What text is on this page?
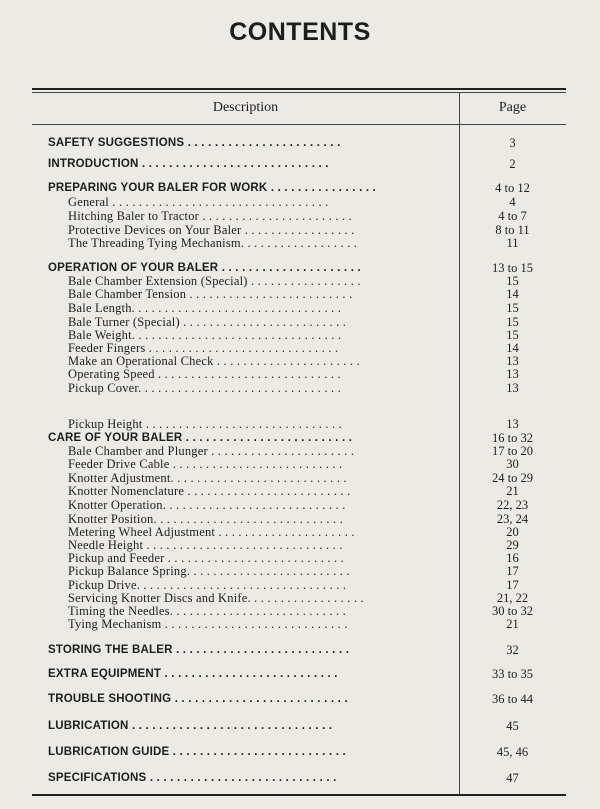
CONTENTS
Description	Page
SAFETY SUGGESTIONS . . . . . . . . . . . . . . . . . . . . . . .	3
INTRODUCTION . . . . . . . . . . . . . . . . . . . . . . . . . . . .	2
PREPARING YOUR BALER FOR WORK . . . . . . . . . . . . . . . .	4 to 12
General . . . . . . . . . . . . . . . . . . . . . . . . . . . . . . . . .	4
Hitching Baler to Tractor . . . . . . . . . . . . . . . . . . . . . . .	4 to 7
Protective Devices on Your Baler . . . . . . . . . . . . . . . . .	8 to 11
The Threading Tying Mechanism. . . . . . . . . . . . . . . . . .	11
OPERATION OF YOUR BALER . . . . . . . . . . . . . . . . . . . . .	13 to 15
Bale Chamber Extension (Special) . . . . . . . . . . . . . . . . .	15
Bale Chamber Tension . . . . . . . . . . . . . . . . . . . . . . . . .	14
Bale Length. . . . . . . . . . . . . . . . . . . . . . . . . . . . . . . .	15
Bale Turner (Special) . . . . . . . . . . . . . . . . . . . . . . . . .	15
Bale Weight. . . . . . . . . . . . . . . . . . . . . . . . . . . . . . . .	15
Feeder Fingers . . . . . . . . . . . . . . . . . . . . . . . . . . . . .	14
Make an Operational Check . . . . . . . . . . . . . . . . . . . . . .	13
Operating Speed . . . . . . . . . . . . . . . . . . . . . . . . . . . .	13
Pickup Cover. . . . . . . . . . . . . . . . . . . . . . . . . . . . . . .	13
Pickup Height . . . . . . . . . . . . . . . . . . . . . . . . . . . . . .	13
CARE OF YOUR BALER . . . . . . . . . . . . . . . . . . . . . . . . .	16 to 32
Bale Chamber and Plunger . . . . . . . . . . . . . . . . . . . . . .	17 to 20
Feeder Drive Cable . . . . . . . . . . . . . . . . . . . . . . . . . .	30
Knotter Adjustment. . . . . . . . . . . . . . . . . . . . . . . . . . .	24 to 29
Knotter Nomenclature . . . . . . . . . . . . . . . . . . . . . . . . .	21
Knotter Operation. . . . . . . . . . . . . . . . . . . . . . . . . . . .	22, 23
Knotter Position. . . . . . . . . . . . . . . . . . . . . . . . . . . . .	23, 24
Metering Wheel Adjustment . . . . . . . . . . . . . . . . . . . . .	20
Needle Height . . . . . . . . . . . . . . . . . . . . . . . . . . . . . .	29
Pickup and Feeder . . . . . . . . . . . . . . . . . . . . . . . . . . .	16
Pickup Balance Spring. . . . . . . . . . . . . . . . . . . . . . . . .	17
Pickup Drive. . . . . . . . . . . . . . . . . . . . . . . . . . . . . . . .	17
Servicing Knotter Discs and Knife. . . . . . . . . . . . . . . . . .	21, 22
Timing the Needles. . . . . . . . . . . . . . . . . . . . . . . . . . .	30 to 32
Tying Mechanism . . . . . . . . . . . . . . . . . . . . . . . . . . . .	21
STORING THE BALER . . . . . . . . . . . . . . . . . . . . . . . . . .	32
EXTRA EQUIPMENT . . . . . . . . . . . . . . . . . . . . . . . . . .	33 to 35
TROUBLE SHOOTING . . . . . . . . . . . . . . . . . . . . . . . . . .	36 to 44
LUBRICATION . . . . . . . . . . . . . . . . . . . . . . . . . . . . . .	45
LUBRICATION GUIDE . . . . . . . . . . . . . . . . . . . . . . . . . .	45, 46
SPECIFICATIONS . . . . . . . . . . . . . . . . . . . . . . . . . . . .	47
